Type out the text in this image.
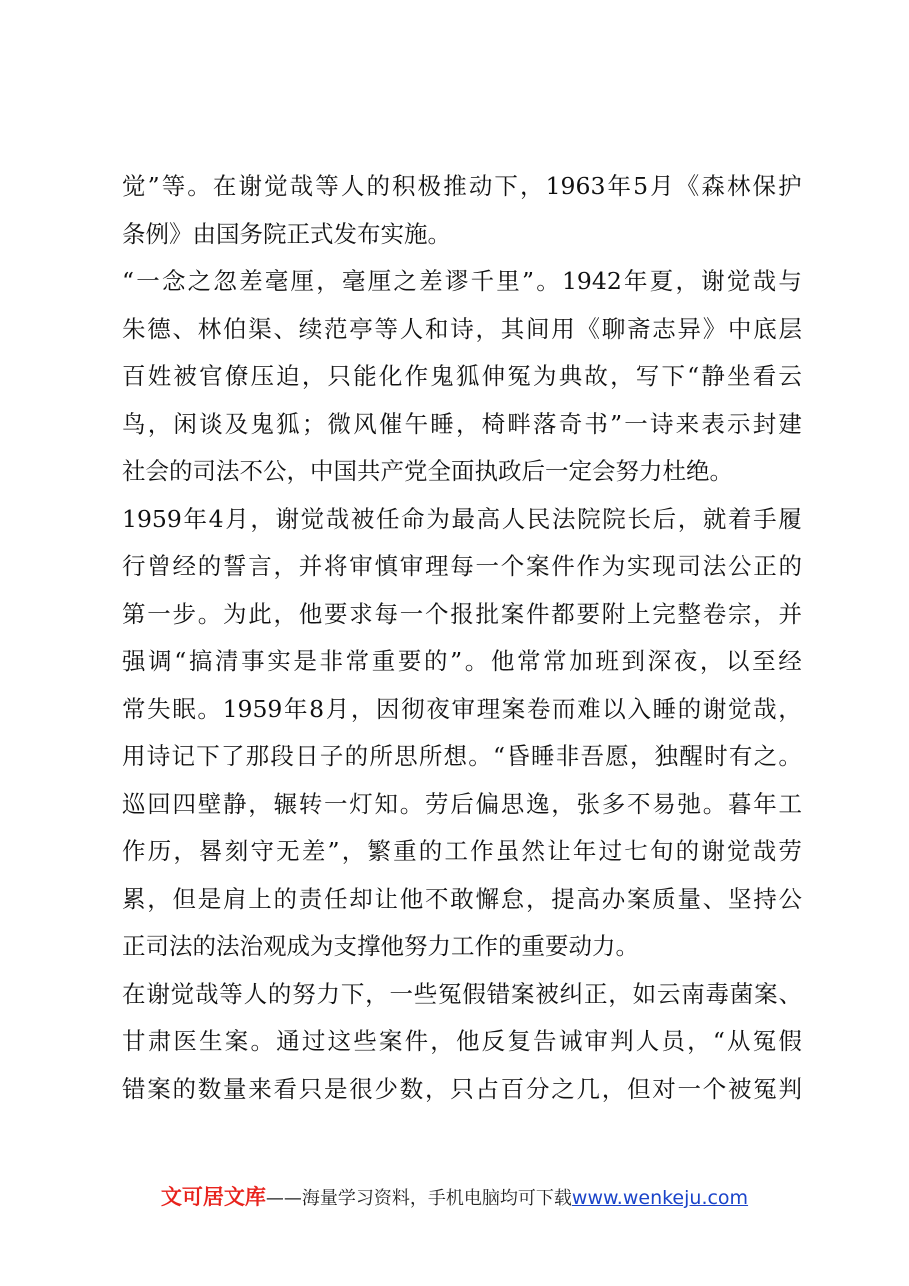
觉 ” 等 。 在 谢 觉 哉 等 人 的 积 极 推 动 下 ， 1963 年 5 月 《 森 林 保 护
条例》由国务院正式发布实施。
“ 一 念 之 忽 差 毫 厘 ， 毫 厘 之 差 谬 千 里 ” 。 1942 年 夏 ， 谢 觉 哉 与
朱 德 、 林 伯 渠 、 续 范 亭 等 人 和 诗 ， 其 间 用 《 聊 斋 志 异 》 中 底 层
百 姓 被 官 僚 压 迫 ， 只 能 化 作 鬼 狐 伸 冤 为 典 故 ， 写 下 “ 静 坐 看 云
鸟 ， 闲 谈 及 鬼 狐 ； 微 风 催 午 睡 ， 椅 畔 落 奇 书 ” 一 诗 来 表 示 封 建
社会的司法不公，中国共产党全面执政后一定会努力杜绝。
1959 年 4 月 ， 谢 觉 哉 被 任 命 为 最 高 人 民 法 院 院 长 后 ， 就 着 手 履
行 曾 经 的 誓 言 ， 并 将 审 慎 审 理 每 一 个 案 件 作 为 实 现 司 法 公 正 的
第 一 步 。 为 此 ， 他 要 求 每 一 个 报 批 案 件 都 要 附 上 完 整 卷 宗 ， 并
强 调 “ 搞 清 事 实 是 非 常 重 要 的 ” 。 他 常 常 加 班 到 深 夜 ， 以 至 经
常 失 眠 。 1959 年 8 月 ， 因 彻 夜 审 理 案 卷 而 难 以 入 睡 的 谢 觉 哉 ，
用 诗 记 下 了 那 段 日 子 的 所 思 所 想 。 “ 昏 睡 非 吾 愿 ， 独 醒 时 有 之 。
巡 回 四 壁 静 ， 辗 转 一 灯 知 。 劳 后 偏 思 逸 ， 张 多 不 易 弛 。 暮 年 工
作 历 ， 晷 刻 守 无 差 ” ， 繁 重 的 工 作 虽 然 让 年 过 七 旬 的 谢 觉 哉 劳
累 ， 但 是 肩 上 的 责 任 却 让 他 不 敢 懈 怠 ， 提 高 办 案 质 量 、 坚 持 公
正司法的法治观成为支撑他努力工作的重要动力。
在 谢 觉 哉 等 人 的 努 力 下 ， 一 些 冤 假 错 案 被 纠 正 ， 如 云 南 毒 菌 案 、
甘 肃 医 生 案 。 通 过 这 些 案 件 ， 他 反 复 告 诫 审 判 人 员 ， “ 从 冤 假
错 案 的 数 量 来 看 只 是 很 少 数 ， 只 占 百 分 之 几 ， 但 对 一 个 被 冤 判
文可居文库——海量学习资料，手机电脑均可下载www.wenkeju.com
